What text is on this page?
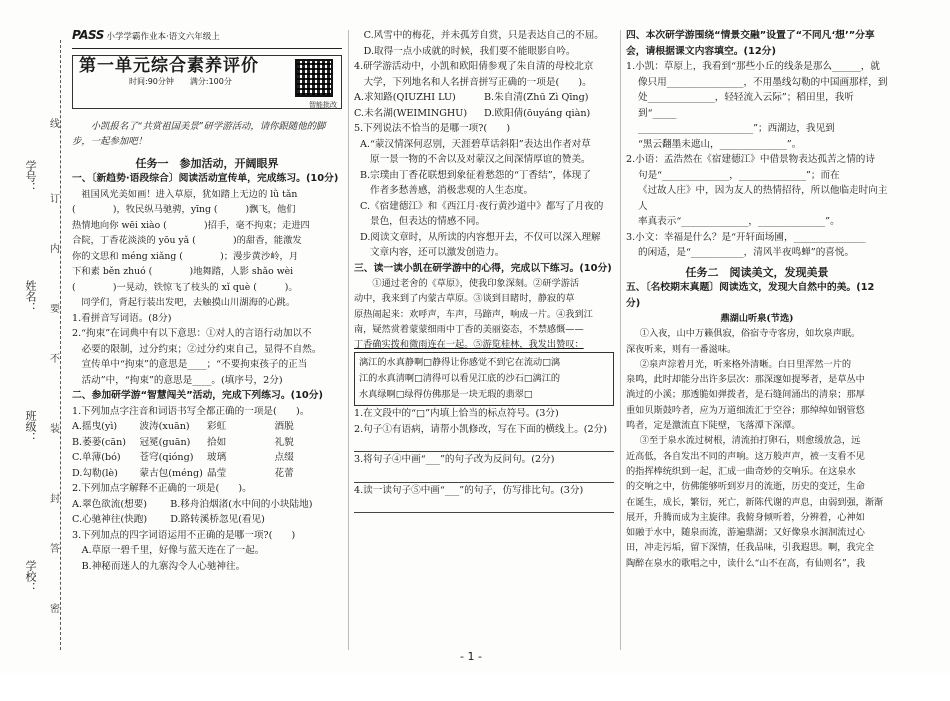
学号：
姓名：
班级：
学校：
线
订
内
要
不
装
封
答
密
PASS 小学学霸作业本·语文六年级上
第一单元综合素养评价
时间:90分钟　　满分:100分
智能批改

小凯报名了“共赏祖国美景”研学游活动，请你跟随他的脚步，一起参加吧！

任务一　参加活动，开阔眼界
一、〔新趋势·语段综合〕阅读活动宣传单，完成练习。(10分)

祖国风光美如画！进入草原，犹如踏上无边的 lǜ tǎn

(　　　　)，牧民纵马驰骋，yīng (　　　)飘飞，他们

热情地向你 wēi xiào (　　　　)招手，毫不拘束；走进四

合院，丁香花淡淡的 yōu yǎ (　　　　)的甜香，能激发

你的文思和 méng xiǎng (　　　　)；漫步黄沙岭，月

下和素 běn zhuó (　　　　)地舞踏，人影 shǎo wèi

(　　　　)一晃动，铁惊飞了枝头的 xǐ què (　　　)。

同学们，背起行装出发吧，去触摸山川湖海的心跳。

1.看拼音写词语。(8分)

2.“拘束”在词典中有以下意思：①对人的言语行动加以不

必要的限制，过分约束；②过分约束自己，显得不自然。

宣传单中“拘束”的意思是____；“不要拘束孩子的正当

活动”中，“拘束”的意思是____。(填序号，2分)

二、参加研学游“智慧闯关”活动，完成下列练习。(10分)

1.下列加点字注音和词语书写全都正确的一项是(　　)。

A.摇曳(yì)	波涛(xuān)	彩虹	酒脱
B.萎蒌(cān)	冠冕(guān)	拾如	礼貌
C.单薄(bó)	苍穹(qióng)	玻璃	点缀
D.勾勒(lè)	蒙古包(méng) 晶莹	花蕾

2.下列加点字解释不正确的一项是(　　)。

A.翠色欲流(想要)	B.移舟泊烟渚(水中间的小块陆地)
C.心驰神往(快跑)	D.路转溪桥忽见(看见)

3.下列加点的四字词语运用不正确的是哪一项?(　　)

A.草原一碧千里，好像与蓝天连在了一起。

B.神秘而迷人的九寨沟令人心驰神往。

C.风雪中的梅花，并未孤芳自赏，只是表达自己的不屈。

D.取得一点小成就的时候，我们要不能眼影自吟。

4.研学游活动中，小凯和欧阳倩参观了朱自清的母校北京

大学，下列地名和人名拼音拼写正确的一项是(　　)。

A.求知路(QIUZHI LU)	B.朱自清(Zhū Zì Qīng)
C.未名湖(WEIMINGHU)	D.欧阳倩(ōuyáng qiàn)

5.下列说法不恰当的是哪一项?(　　)

A.“蒙汉情深何忍别，天涯碧草话斜阳”表达出作者对草

原一景一物的不舍以及对蒙汉之间深情厚谊的赞美。

B.宗璞由丁香花联想到象征着愁怨的“丁香结”，体现了

作者多愁善感，消极悲观的人生态度。

C.《宿建德江》和《西江月·夜行黄沙道中》都写了月夜的

景色，但表达的情感不同。

D.阅读文章时，从所读的内容想开去，不仅可以深入理解

文章内容，还可以激发创造力。

三、读一读小凯在研学游中的心得，完成以下练习。(10分)

①通过老舍的《草原》，使我印象深刻。②研学游活

动中，我来到了内蒙古草原。③谈到目睹时，静寂的草

原热闹起来：欢呼声，车声，马蹄声，响成一片。④我到江

南，疑然赏着蒙蒙细雨中丁香的美丽姿态，不禁感慨——

丁香确实拨和微雨连在一起。⑤游览桂林，我发出赞叹：

漓江的水真静啊□静得让你感觉不到它在流动□漓

江的水真清啊□清得可以看见江底的沙石□漓江的

水真绿啊□绿得仿佛那是一块无瑕的翡翠□

1.在文段中的“□”内填上恰当的标点符号。(3分)

2.句子①有语病，请帮小凯修改，写在下面的横线上。(2分)

3.将句子④中画“___”的句子改为反问句。(2分)

4.读一读句子⑤中画“___”的句子，仿写排比句。(3分)

四、本次研学游围绕“情景交融”设置了“不同凡‘想’”分享会，请根据课文内容填空。(12分)

1.小凯：草原上，我看到“那些小丘的线条是那么______，就

像只用________________，不用墨线勾勒的中国画那样，到

处______________，轻轻流入云际”；稻田里，我听到“_____

________________________”；西湖边，我见到

“黑云翻墨未遮山，______________”。

2.小语：孟浩然在《宿建德江》中借景物表达孤苦之情的诗

句是“______________，______________”；而在

《过故人庄》中，因为友人的热情招待，所以他临走时向主人

率真表示“______________，______________”。

3.小文：幸福是什么？是“开轩面场圃，_______________

的闲适，是“___________，清风半夜鸣蝉”的喜悦。

任务二　阅读美文，发现美景
五、〔名校期末真题〕阅读选文，发现大自然中的美。(12分)
鼎湖山听泉(节选)

①入夜，山中万籁俱寂，俗宿寺寺客房，如坎泉声眠。

深夜听来，则有一番滋味。

②泉声淙着月光，听来格外清晰。白日里浑然一片的

泉鸣，此时却能分出许多层次：那深邃如提琴者，是草丛中

淌过的小溪；那透脆如弹拨者，是石缝间涌出的清泉；那厚

重如贝斯鼓吟者，应为万道细流汇于空谷；那绰绰如钢管悠

鸣者，定是激流直下陡壁，飞落潭下深潭。

③至于泉水流过树根，清流拍打卵石，则愈缓放急，远

近高低，各自发出不同的声响。这万般声声，被一支看不见

的指挥棒统织到一起，汇成一曲奇妙的交响乐。在这泉水

的交响之中，仿佛能够听到岁月的流逝，历史的变迁，生命

在诞生，成长，繁衍，死亡，新陈代谢的声息，由弱到强，渐渐

展开，升腾而成为主旋律。我俯身倾听着，分辨着，心神如

如融于水中，随泉而流，游遍鼎湖；又好像泉水洄洄流过心

田，冲走污垢，留下深情，任我品味，引我遐思。啊，我完全

陶醉在泉水的歌唱之中，读什么“山不在高，有仙则名”，我

- 1 -
